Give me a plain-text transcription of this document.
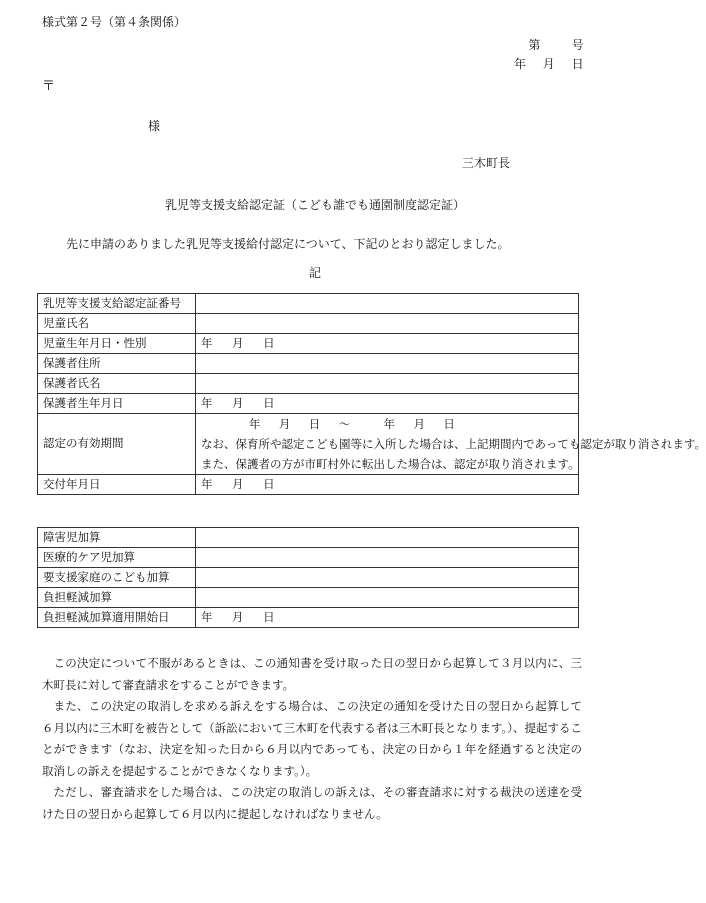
様式第２号（第４条関係）
第　　号
年　月　日
〒
様
三木町長
乳児等支援支給認定証（こども誰でも通園制度認定証）
先に申請のありました乳児等支援給付認定について、下記のとおり認定しました。
記
乳児等支援支給認定証番号	
児童氏名	
児童生年月日・性別	年　月　日
保護者住所	
保護者氏名	
保護者生年月日	年　月　日
認定の有効期間	年　月　日　～　　年　月　日
なお、保育所や認定こども園等に入所した場合は、上記期間内であっても認定が取り消されます。
また、保護者の方が市町村外に転出した場合は、認定が取り消されます。

交付年月日	年　月　日
障害児加算	
医療的ケア児加算	
要支援家庭のこども加算	
負担軽減加算	
負担軽減加算適用開始日	年　月　日

この決定について不服があるときは、この通知書を受け取った日の翌日から起算して３月以内に、三木町長に対して審査請求をすることができます。

また、この決定の取消しを求める訴えをする場合は、この決定の通知を受けた日の翌日から起算して６月以内に三木町を被告として（訴訟において三木町を代表する者は三木町長となります。）、提起することができます（なお、決定を知った日から６月以内であっても、決定の日から１年を経過すると決定の取消しの訴えを提起することができなくなります。）。

ただし、審査請求をした場合は、この決定の取消しの訴えは、その審査請求に対する裁決の送達を受けた日の翌日から起算して６月以内に提起しなければなりません。
